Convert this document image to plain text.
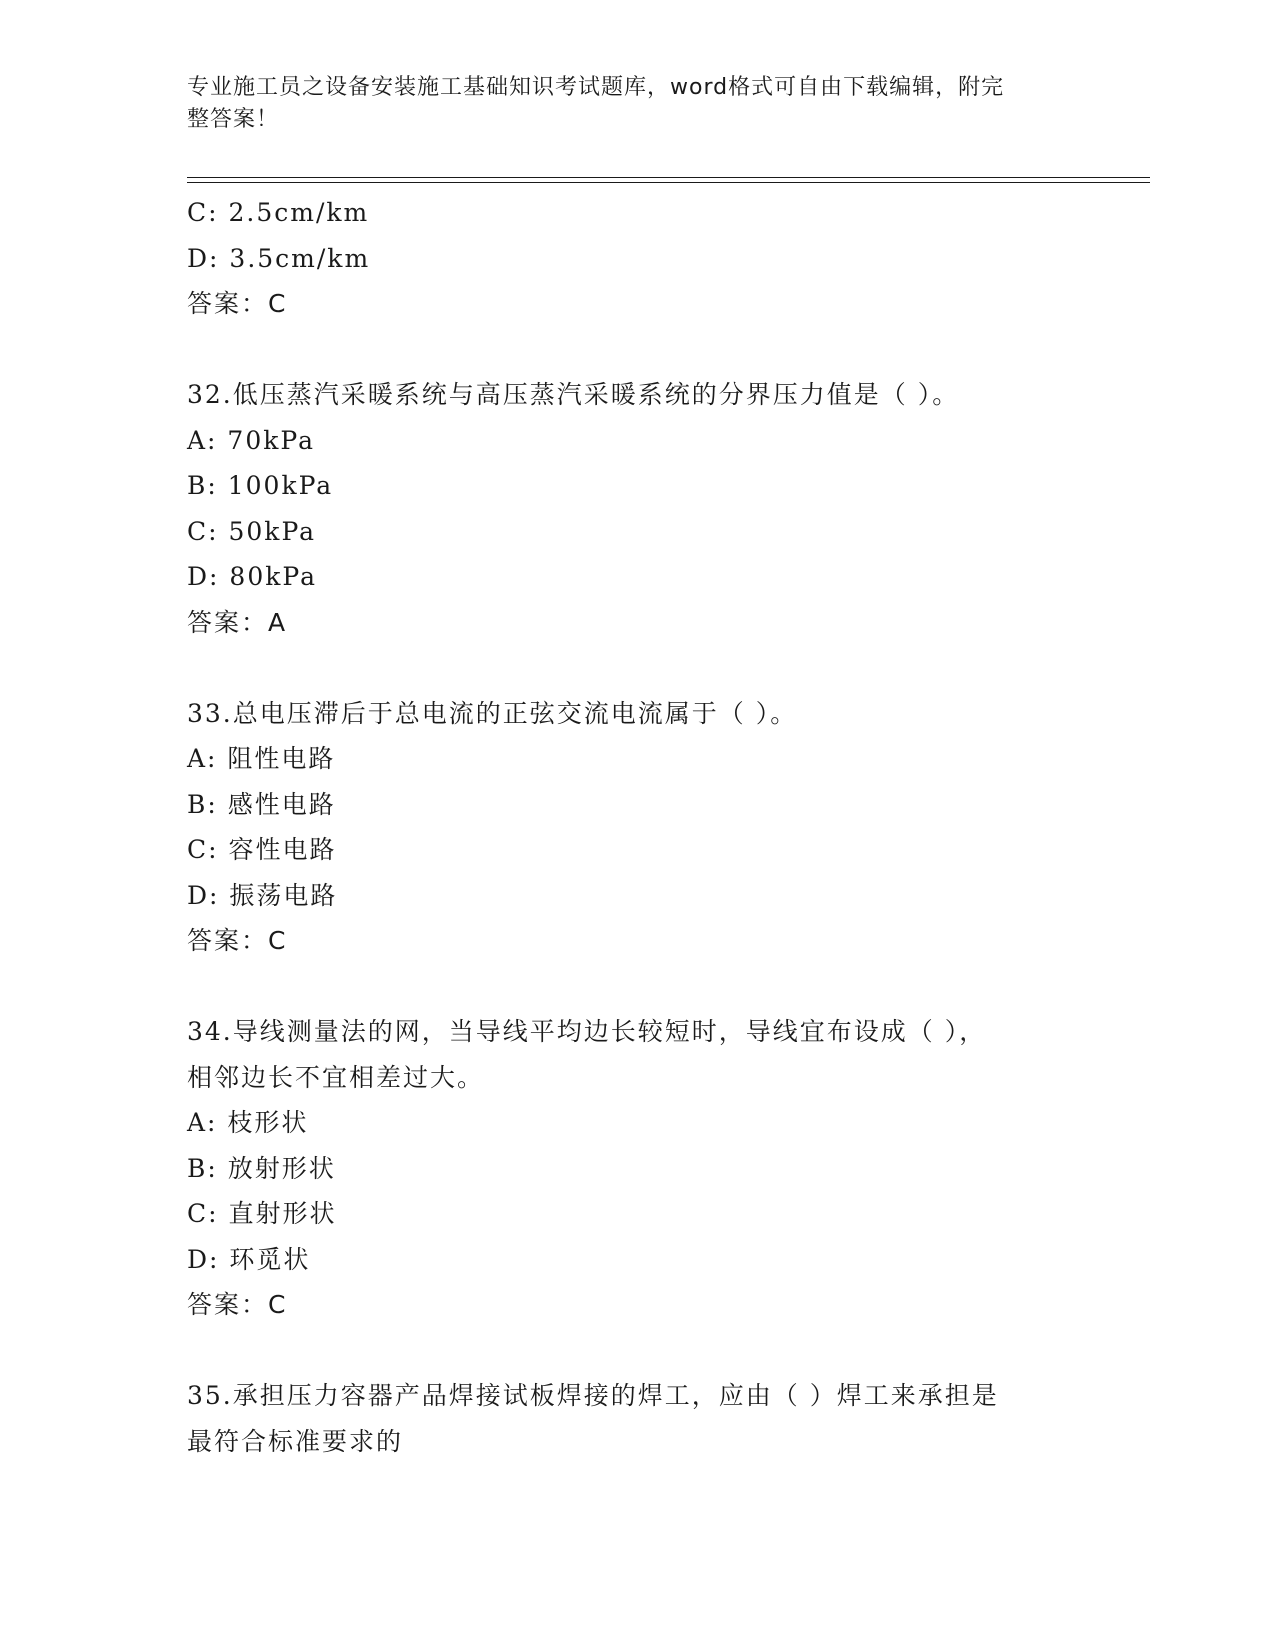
专业施工员之设备安装施工基础知识考试题库，word格式可自由下载编辑，附完
整答案！
C: 2.5cm/km
D: 3.5cm/km
答案：C
32.低压蒸汽采暖系统与高压蒸汽采暖系统的分界压力值是（ ）。
A: 70kPa
B: 100kPa
C: 50kPa
D: 80kPa
答案：A
33.总电压滞后于总电流的正弦交流电流属于（ ）。
A: 阻性电路
B: 感性电路
C: 容性电路
D: 振荡电路
答案：C
34.导线测量法的网，当导线平均边长较短时，导线宜布设成（ ），
相邻边长不宜相差过大。
A: 枝形状
B: 放射形状
C: 直射形状
D: 环觅状
答案：C
35.承担压力容器产品焊接试板焊接的焊工，应由（ ）焊工来承担是
最符合标准要求的
